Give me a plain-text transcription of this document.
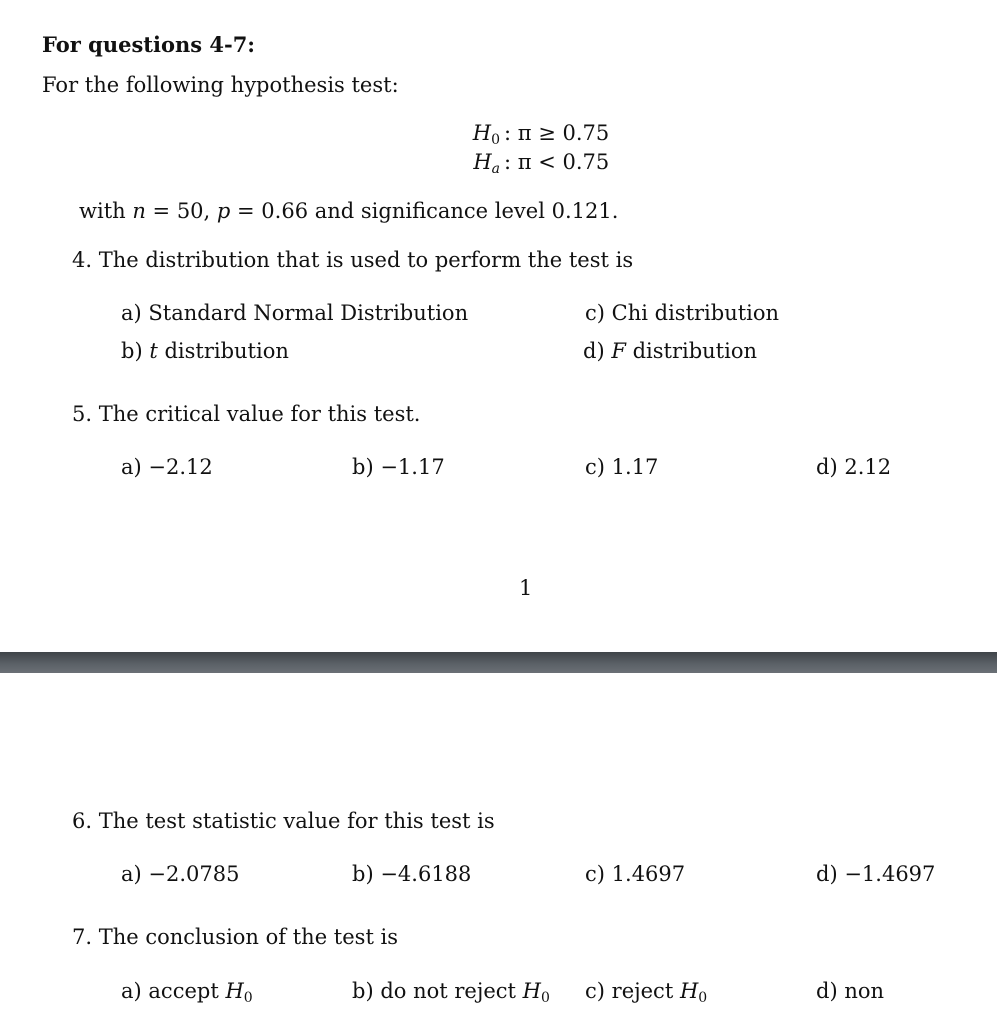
For questions 4-7:
For the following hypothesis test:
$H_0$ : π ≥ 0.75
Ha : π < 0.75
with n = 50, p = 0.66 and significance level 0.121.
4. The distribution that is used to perform the test is
a) Standard Normal Distribution
b) t distribution
c) Chi distribution
d) F distribution
5. The critical value for this test.
a) −2.12	b) −1.17	c) 1.17	d) 2.12
1
6. The test statistic value for this test is
a) −2.0785	b) −4.6188	c) 1.4697	d) −1.4697
7. The conclusion of the test is
a) accept $H_0$	b) do not reject $H_0$ c) reject $H_0$	d) non
